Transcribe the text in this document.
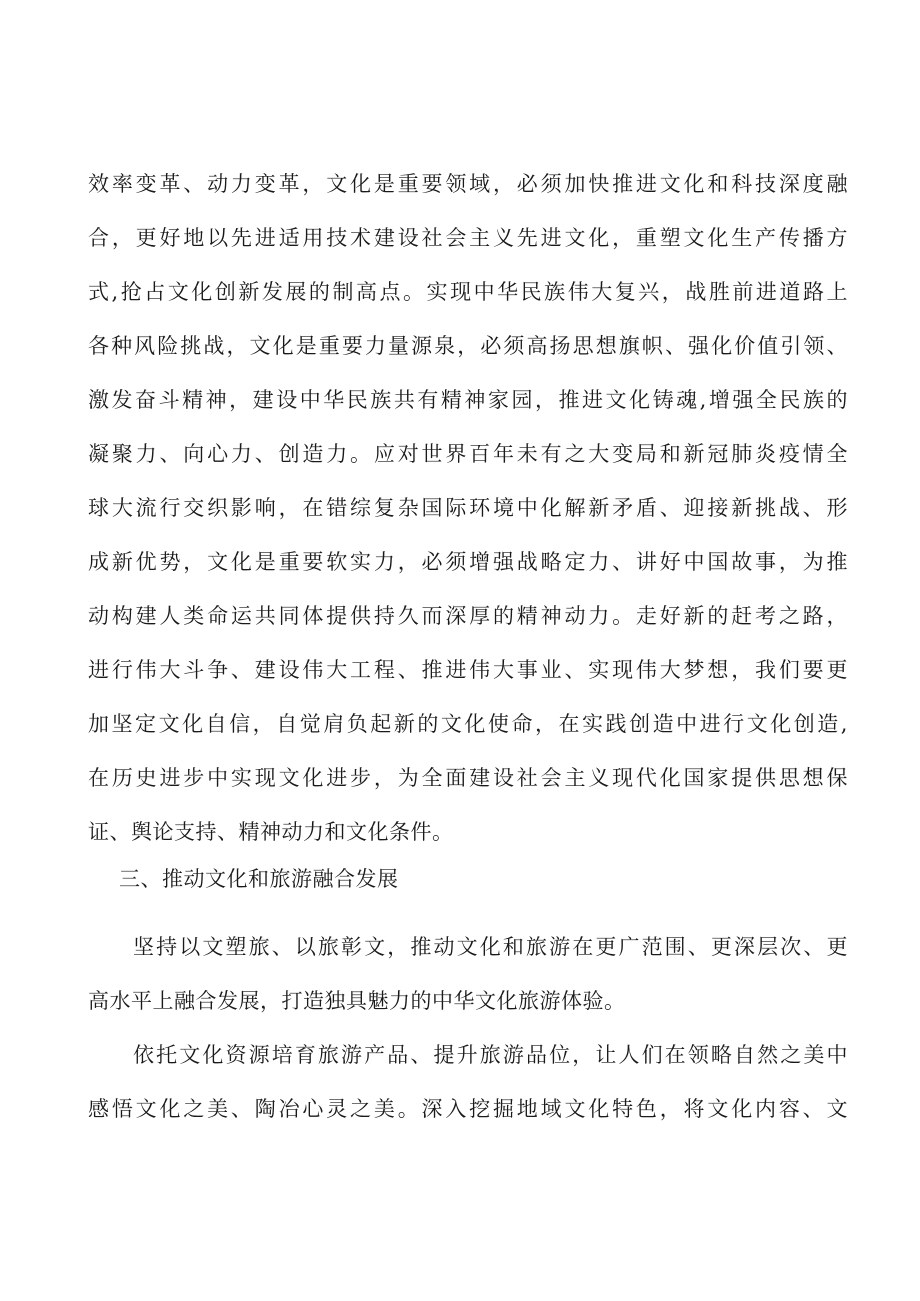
效率变革、动力变革，文化是重要领域，必须加快推进文化和科技深度融
合，更好地以先进适用技术建设社会主义先进文化，重塑文化生产传播方
式,抢占文化创新发展的制高点。实现中华民族伟大复兴，战胜前进道路上
各种风险挑战，文化是重要力量源泉，必须高扬思想旗帜、强化价值引领、
激发奋斗精神，建设中华民族共有精神家园，推进文化铸魂,增强全民族的
凝聚力、向心力、创造力。应对世界百年未有之大变局和新冠肺炎疫情全
球大流行交织影响，在错综复杂国际环境中化解新矛盾、迎接新挑战、形
成新优势，文化是重要软实力，必须增强战略定力、讲好中国故事，为推
动构建人类命运共同体提供持久而深厚的精神动力。走好新的赶考之路，
进行伟大斗争、建设伟大工程、推进伟大事业、实现伟大梦想，我们要更
加坚定文化自信，自觉肩负起新的文化使命，在实践创造中进行文化创造,
在历史进步中实现文化进步，为全面建设社会主义现代化国家提供思想保
证、舆论支持、精神动力和文化条件。
三、推动文化和旅游融合发展
坚持以文塑旅、以旅彰文，推动文化和旅游在更广范围、更深层次、更
高水平上融合发展，打造独具魅力的中华文化旅游体验。
依托文化资源培育旅游产品、提升旅游品位，让人们在领略自然之美中
感悟文化之美、陶冶心灵之美。深入挖掘地域文化特色，将文化内容、文
